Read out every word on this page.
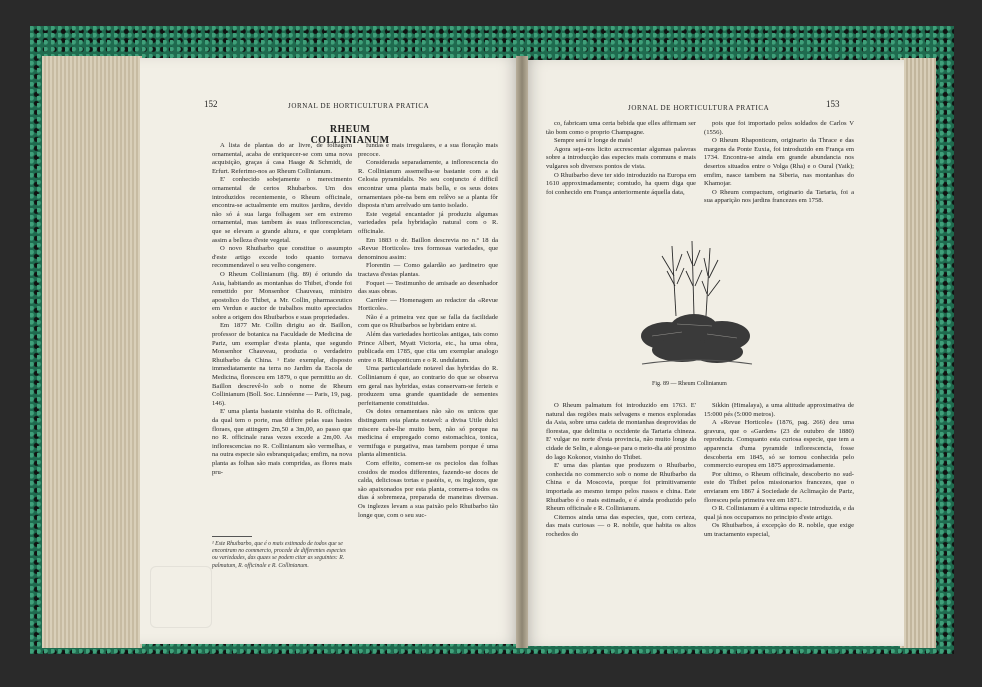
152	JORNAL DE HORTICULTURA PRATICA
RHEUM COLLINIANUM

A lista de plantas do ar livre, de folhagem ornamental, acaba de enriquecer-se com uma nova acquisição, graças á casa Haage & Schmidt, de Erfurt. Referimo-nos ao Rheum Collinianum.

E' conhecido sobejamente o merecimento ornamental de certos Rhubarbos. Um dos introduzidos recentemente, o Rheum officinale, encontra-se actualmente em muitos jardins, devido não só á sua larga folhagem ser em extremo ornamental, mas tambem ás suas inflorescencias, que se elevam a grande altura, e que completam assim a belleza d'este vegetal.

O novo Rhuibarbo que constitue o assumpto d'este artigo excede todo quanto tornava recommendavel o seu velho congenere.

O Rheum Collinianum (fig. 89) é oriundo da Asia, habitando as montanhas do Thibet, d'onde foi remettido por Monsenhor Chauveau, ministro apostolico do Thibet, a Mr. Collin, pharmaceutico em Verdun e auctor de trabalhos muito apreciados sobre a origem dos Rhuibarbos e suas propriedades.

Em 1877 Mr. Collin dirigiu ao dr. Baillon, professor de botanica na Faculdade de Medicina de Pariz, um exemplar d'esta planta, que segundo Monsenhor Chauveau, produzia o verdadeiro Rhuibarbo da China. ¹ Este exemplar, disposto immediatamente na terra no Jardim da Escola de Medicina, floresceu em 1879, o que permittiu ao dr. Baillon descrevê-lo sob o nome de Rheum Collinianum (Boll. Soc. Linnéenne — Paris, 19, pag. 146).

E' uma planta bastante visinha do R. officinale, da qual tem o porte, mas differe pelas suas hastes floraes, que attingem 2m,50 a 3m,00, ao passo que no R. officinale raras vezes excede a 2m,00. As inflorescencias no R. Collinianum são vermelhas, e na outra especie são esbranquiçadas; emfim, na nova planta as folhas são mais compridas, as flores mais pru-

fundas e mais irregulares, e a sua floração mais precoce.

Considerada separadamente, a inflorescencia do R. Collinianum assemelha-se bastante com a da Celosia pyramidalis. No seu conjuncto é difficil encontrar uma planta mais bella, e os seus dotes ornamentaes põe-na bem em relêvo se a planta fôr disposta n'um arrelvado um tanto isolado.

Este vegetal encantador já produziu algumas variedades pela hybridação natural com o R. officinale.

Em 1883 o dr. Baillon descrevia no n.º 18 da «Revue Horticole» tres formosas variedades, que denominou assim:

Florentin — Como galardão ao jardineiro que tractava d'estas plantas.

Foquet — Testimunho de amisade ao desenhador das suas obras.

Carrière — Homenagem ao redactor da «Revue Horticole».

Não é a primeira vez que se falla da facilidade com que os Rhuibarbos se hybridam entre si.

Além das variedades horticolas antigas, tais como Prince Albert, Myatt Victoria, etc., ha uma obra, publicada em 1785, que cita um exemplar analogo entre o R. Rhaponticum e o R. undulatum.

Uma particularidade notavel das hybridas do R. Collinianum é que, ao contrario do que se observa em geral nas hybridas, estas conservam-se ferteis e produzem uma grande quantidade de sementes perfeitamente constituidas.

Os dotes ornamentaes não são os unicos que distinguem esta planta notavel: a divisa Utile dulci miscere cabe-lhe muito bem, não só porque na medicina é empregado como estomachica, tonica, vermifuga e purgativa, mas tambem porque é uma planta alimenticia.

Com effeito, comem-se os peciolos das folhas cosidos de modos differentes, fazendo-se doces de calda, deliciosas tortas e pastéis, e, os inglezes, que são apaixonados por esta planta, comem-a todos os dias á sobremeza, preparada de maneiras diversas. Os inglezes levam a sua paixão pelo Rhuibarbo tão longe que, com o seu suc-

¹ Este Rhuibarbo, que é o mais estimado de todos que se encontram no commercio, procede de differentes especies ou variedades, das quaes se podem citar as seguintes: R. palmatum, R. officinale e R. Collinianum.
JORNAL DE HORTICULTURA PRATICA	153

co, fabricam uma certa bebida que elles affirmam ser tão bom como o proprio Champagne.

Sempre será ir longe de mais!

Agora seja-nos licito accrescentar algumas palavras sobre a introducção das especies mais communs e mais vulgares sob diversos pontos de vista.

O Rhuibarbo deve ter sido introduzido na Europa em 1610 approximadamente; comtudo, ha quem diga que foi conhecido em França anteriormente áquella data,

pois que foi importado pelos soldados de Carlos V (1556).

O Rheum Rhaponticum, originario da Thrace e das margens da Ponte Euxia, foi introduzido em França em 1734. Encontra-se ainda em grande abundancia nos desertos situados entre o Volga (Rha) e o Oural (Yaik); emfim, nasce tambem na Siberia, nas montanhas do Khamojar.

O Rheum compactum, originario da Tartaria, foi a sua apparição nos jardins francezes em 1758.

Fig. 89 — Rheum Collinianum

O Rheum palmatum foi introduzido em 1763. E' natural das regiões mais selvagens e menos exploradas da Asia, sobre uma cadeia de montanhas desprovidas de florestas, que delimita o occidente da Tartaria chineza. E' vulgar no norte d'esta provincia, não muito longe da cidade de Selin, e alonga-se para o meio-dia até proximo do lago Kokonor, visinho do Thibet.

E' uma das plantas que produzem o Rhuibarbo, conhecida no commercio sob o nome de Rhuibarbo da China e da Moscovia, porque foi primitivamente importada ao mesmo tempo pelos russos e china. Este Rhuibarbo é o mais estimado, e é ainda produzido pelo Rheum officinale e R. Collinianum.

Citemos ainda uma das especies, que, com certeza, das mais curiosas — o R. nobile, que habita os altos rochedos do

Sikkin (Himalaya), a uma altitude approximativa de 15:000 pés (5:000 metros).

A «Revue Horticole» (1876, pag. 266) deu uma gravura, que o «Garden» (23 de outubro de 1880) reproduziu. Comquanto esta curiosa especie, que tem a apparencia d'uma pyramide inflorescencia, fosse descoberta em 1845, só se tornou conhecida pelo commercio europeu em 1875 approximadamente.

Por ultimo, o Rheum officinale, descoberto no sud-este do Thibet pelos missionarios francezes, que o enviaram em 1867 á Sociedade de Aclimação de Pariz, floresceu pela primeira vez em 1871.

O R. Collinianum é a ultima especie introduzida, e da qual já nos occupamos no principio d'este artigo.

Os Rhuibarbos, á excepção do R. nobile, que exige um tractamento especial,
